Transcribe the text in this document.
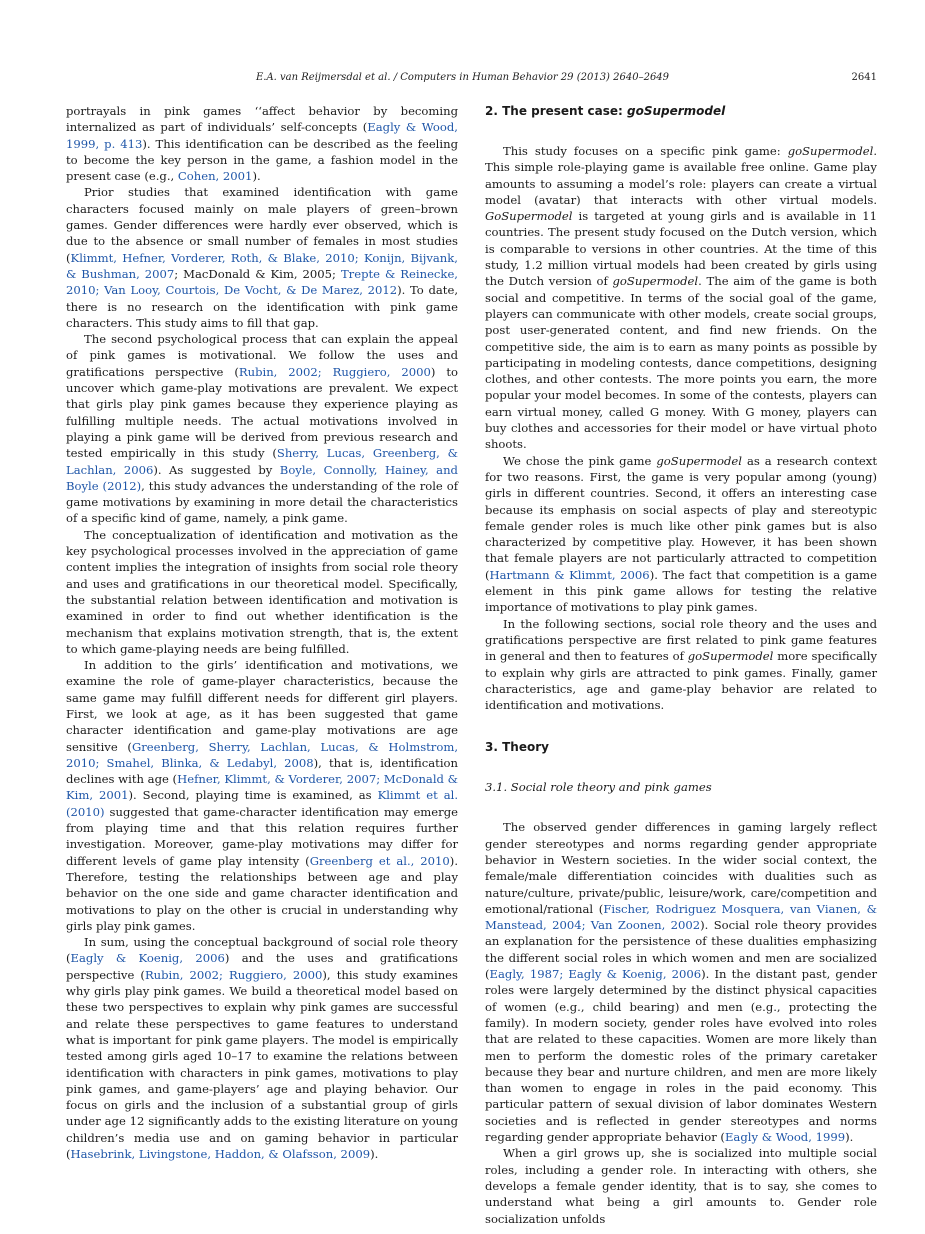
E.A. van Reijmersdal et al. / Computers in Human Behavior 29 (2013) 2640–2649	2641

portrayals in pink games ‘‘affect behavior by becoming internalized as part of individuals’ self-concepts (Eagly & Wood, 1999, p. 413). This identification can be described as the feeling to become the key person in the game, a fashion model in the present case (e.g., Cohen, 2001).

Prior studies that examined identification with game characters focused mainly on male players of green–brown games. Gender differences were hardly ever observed, which is due to the absence or small number of females in most studies (Klimmt, Hefner, Vorderer, Roth, & Blake, 2010; Konijn, Bijvank, & Bushman, 2007; MacDonald & Kim, 2005; Trepte & Reinecke, 2010; Van Looy, Courtois, De Vocht, & De Marez, 2012). To date, there is no research on the identification with pink game characters. This study aims to fill that gap.

The second psychological process that can explain the appeal of pink games is motivational. We follow the uses and gratifications perspective (Rubin, 2002; Ruggiero, 2000) to uncover which game-play motivations are prevalent. We expect that girls play pink games because they experience playing as fulfilling multiple needs. The actual motivations involved in playing a pink game will be derived from previous research and tested empirically in this study (Sherry, Lucas, Greenberg, & Lachlan, 2006). As suggested by Boyle, Connolly, Hainey, and Boyle (2012), this study advances the understanding of the role of game motivations by examining in more detail the characteristics of a specific kind of game, namely, a pink game.

The conceptualization of identification and motivation as the key psychological processes involved in the appreciation of game content implies the integration of insights from social role theory and uses and gratifications in our theoretical model. Specifically, the substantial relation between identification and motivation is examined in order to find out whether identification is the mechanism that explains motivation strength, that is, the extent to which game-playing needs are being fulfilled.

In addition to the girls’ identification and motivations, we examine the role of game-player characteristics, because the same game may fulfill different needs for different girl players. First, we look at age, as it has been suggested that game character identification and game-play motivations are age sensitive (Greenberg, Sherry, Lachlan, Lucas, & Holmstrom, 2010; Smahel, Blinka, & Ledabyl, 2008), that is, identification declines with age (Hefner, Klimmt, & Vorderer, 2007; McDonald & Kim, 2001). Second, playing time is examined, as Klimmt et al. (2010) suggested that game-character identification may emerge from playing time and that this relation requires further investigation. Moreover, game-play motivations may differ for different levels of game play intensity (Greenberg et al., 2010). Therefore, testing the relationships between age and play behavior on the one side and game character identification and motivations to play on the other is crucial in understanding why girls play pink games.

In sum, using the conceptual background of social role theory (Eagly & Koenig, 2006) and the uses and gratifications perspective (Rubin, 2002; Ruggiero, 2000), this study examines why girls play pink games. We build a theoretical model based on these two perspectives to explain why pink games are successful and relate these perspectives to game features to understand what is important for pink game players. The model is empirically tested among girls aged 10–17 to examine the relations between identification with characters in pink games, motivations to play pink games, and game-players’ age and playing behavior. Our focus on girls and the inclusion of a substantial group of girls under age 12 significantly adds to the existing literature on young children’s media use and on gaming behavior in particular (Hasebrink, Livingstone, Haddon, & Olafsson, 2009).

2. The present case: goSupermodel

This study focuses on a specific pink game: goSupermodel. This simple role-playing game is available free online. Game play amounts to assuming a model’s role: players can create a virtual model (avatar) that interacts with other virtual models. GoSupermodel is targeted at young girls and is available in 11 countries. The present study focused on the Dutch version, which is comparable to versions in other countries. At the time of this study, 1.2 million virtual models had been created by girls using the Dutch version of goSupermodel. The aim of the game is both social and competitive. In terms of the social goal of the game, players can communicate with other models, create social groups, post user-generated content, and find new friends. On the competitive side, the aim is to earn as many points as possible by participating in modeling contests, dance competitions, designing clothes, and other contests. The more points you earn, the more popular your model becomes. In some of the contests, players can earn virtual money, called G money. With G money, players can buy clothes and accessories for their model or have virtual photo shoots.

We chose the pink game goSupermodel as a research context for two reasons. First, the game is very popular among (young) girls in different countries. Second, it offers an interesting case because its emphasis on social aspects of play and stereotypic female gender roles is much like other pink games but is also characterized by competitive play. However, it has been shown that female players are not particularly attracted to competition (Hartmann & Klimmt, 2006). The fact that competition is a game element in this pink game allows for testing the relative importance of motivations to play pink games.

In the following sections, social role theory and the uses and gratifications perspective are first related to pink game features in general and then to features of goSupermodel more specifically to explain why girls are attracted to pink games. Finally, gamer characteristics, age and game-play behavior are related to identification and motivations.

3. Theory
3.1. Social role theory and pink games

The observed gender differences in gaming largely reflect gender stereotypes and norms regarding gender appropriate behavior in Western societies. In the wider social context, the female/male differentiation coincides with dualities such as nature/culture, private/public, leisure/work, care/competition and emotional/rational (Fischer, Rodriguez Mosquera, van Vianen, & Manstead, 2004; Van Zoonen, 2002). Social role theory provides an explanation for the persistence of these dualities emphasizing the different social roles in which women and men are socialized (Eagly, 1987; Eagly & Koenig, 2006). In the distant past, gender roles were largely determined by the distinct physical capacities of women (e.g., child bearing) and men (e.g., protecting the family). In modern society, gender roles have evolved into roles that are related to these capacities. Women are more likely than men to perform the domestic roles of the primary caretaker because they bear and nurture children, and men are more likely than women to engage in roles in the paid economy. This particular pattern of sexual division of labor dominates Western societies and is reflected in gender stereotypes and norms regarding gender appropriate behavior (Eagly & Wood, 1999).

When a girl grows up, she is socialized into multiple social roles, including a gender role. In interacting with others, she develops a female gender identity, that is to say, she comes to understand what being a girl amounts to. Gender role socialization unfolds
